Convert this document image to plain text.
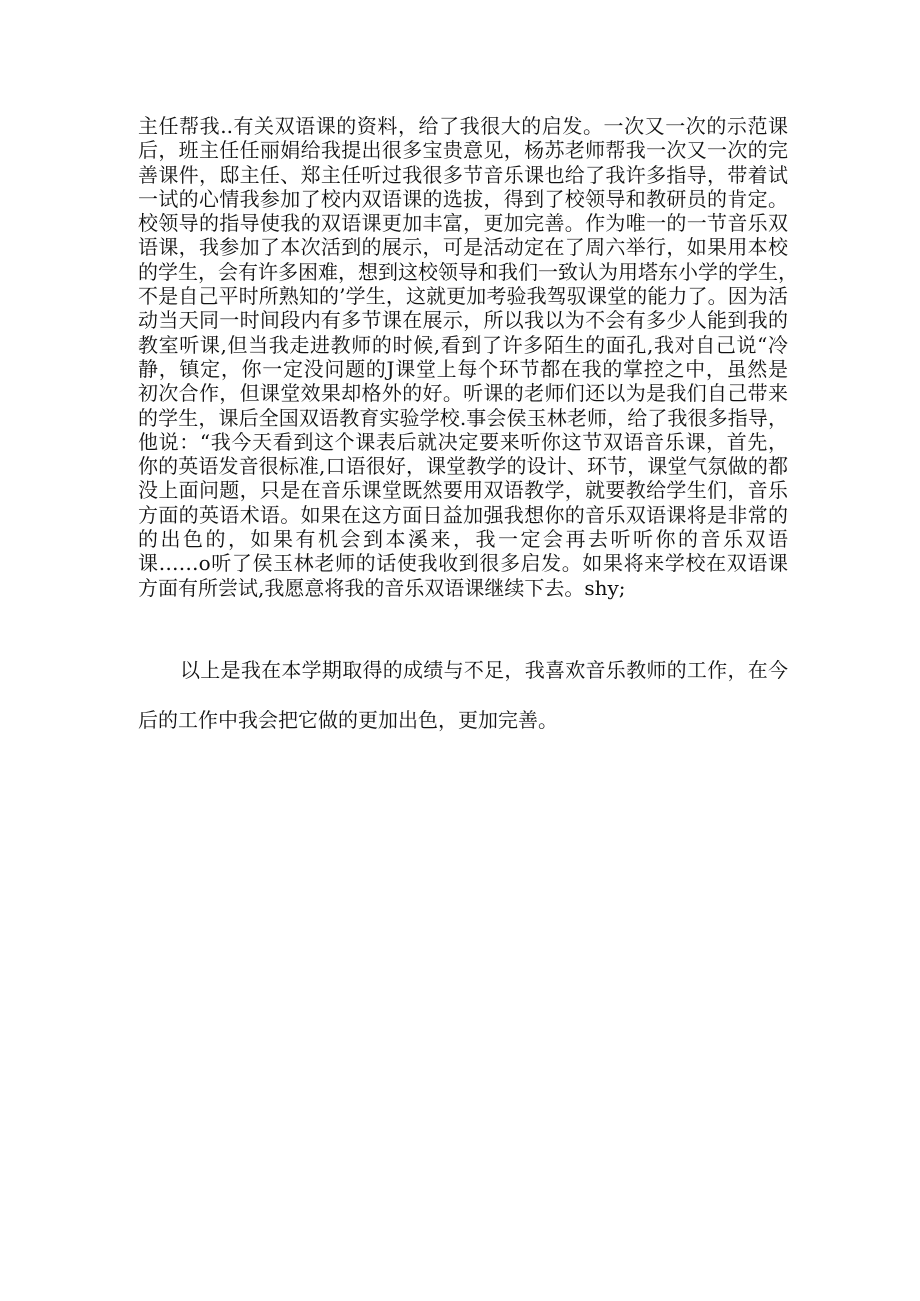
主任帮我..有关双语课的资料，给了我很大的启发。一次又一次的示范课
后，班主任任丽娟给我提出很多宝贵意见，杨苏老师帮我一次又一次的完
善课件，邸主任、郑主任听过我很多节音乐课也给了我许多指导，带着试
一试的心情我参加了校内双语课的选拔，得到了校领导和教研员的肯定。
校领导的指导使我的双语课更加丰富，更加完善。作为唯一的一节音乐双
语课，我参加了本次活到的展示，可是活动定在了周六举行，如果用本校
的学生，会有许多困难，想到这校领导和我们一致认为用塔东小学的学生，
不是自己平时所熟知的’学生，这就更加考验我驾驭课堂的能力了。因为活
动当天同一时间段内有多节课在展示，所以我以为不会有多少人能到我的
教室听课,但当我走进教师的时候,看到了许多陌生的面孔,我对自己说“冷
静，镇定，你一定没问题的J课堂上每个环节都在我的掌控之中，虽然是
初次合作，但课堂效果却格外的好。听课的老师们还以为是我们自己带来
的学生，课后全国双语教育实验学校.事会侯玉林老师，给了我很多指导，
他说：“我今天看到这个课表后就决定要来听你这节双语音乐课，首先，
你的英语发音很标准,口语很好，课堂教学的设计、环节，课堂气氛做的都
没上面问题，只是在音乐课堂既然要用双语教学，就要教给学生们，音乐
方面的英语术语。如果在这方面日益加强我想你的音乐双语课将是非常的
的出色的，如果有机会到本溪来，我一定会再去听听你的音乐双语
课……o听了侯玉林老师的话使我收到很多启发。如果将来学校在双语课
方面有所尝试,我愿意将我的音乐双语课继续下去。shy;
以上是我在本学期取得的成绩与不足，我喜欢音乐教师的工作，在今
后的工作中我会把它做的更加出色，更加完善。
